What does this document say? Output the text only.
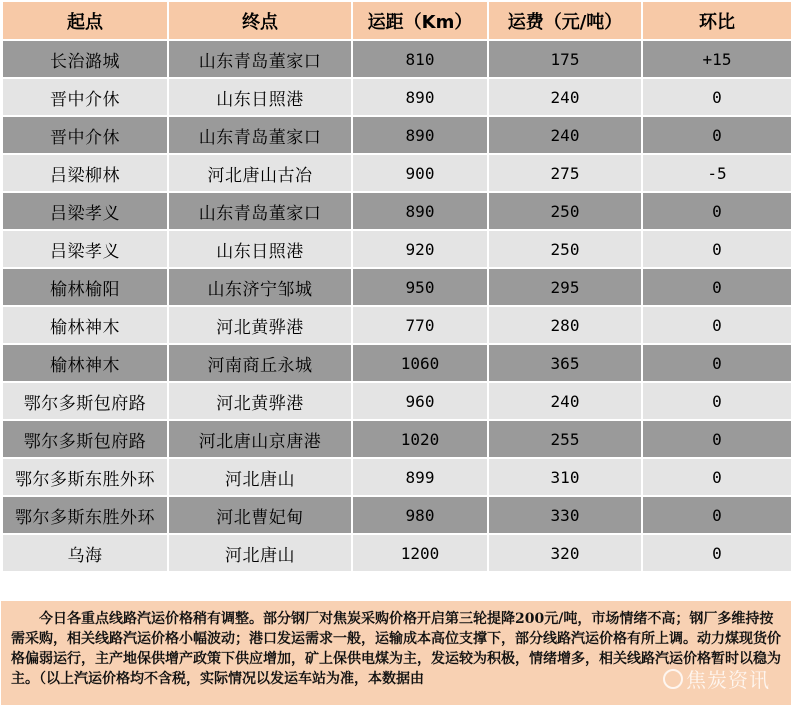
起点	终点	运距（Km）	运费（元/吨）	环比
长治潞城	山东青岛董家口	810	175	+15
晋中介休	山东日照港	890	240	0
晋中介休	山东青岛董家口	890	240	0
吕梁柳林	河北唐山古冶	900	275	-5
吕梁孝义	山东青岛董家口	890	250	0
吕梁孝义	山东日照港	920	250	0
榆林榆阳	山东济宁邹城	950	295	0
榆林神木	河北黄骅港	770	280	0
榆林神木	河南商丘永城	1060	365	0
鄂尔多斯包府路	河北黄骅港	960	240	0
鄂尔多斯包府路	河北唐山京唐港	1020	255	0
鄂尔多斯东胜外环	河北唐山	899	310	0
鄂尔多斯东胜外环	河北曹妃甸	980	330	0
乌海	河北唐山	1200	320	0
今日各重点线路汽运价格稍有调整。部分钢厂对焦炭采购价格开启第三轮提降200元/吨，市场情绪不高；钢厂多维持按需采购，相关线路汽运价格小幅波动；港口发运需求一般，运输成本高位支撑下，部分线路汽运价格有所上调。动力煤现货价格偏弱运行，主产地保供增产政策下供应增加，矿上保供电煤为主，发运较为积极，情绪增多，相关线路汽运价格暂时以稳为主。（以上汽运价格均不含税，实际情况以发运车站为准，本数据由	焦炭资讯
